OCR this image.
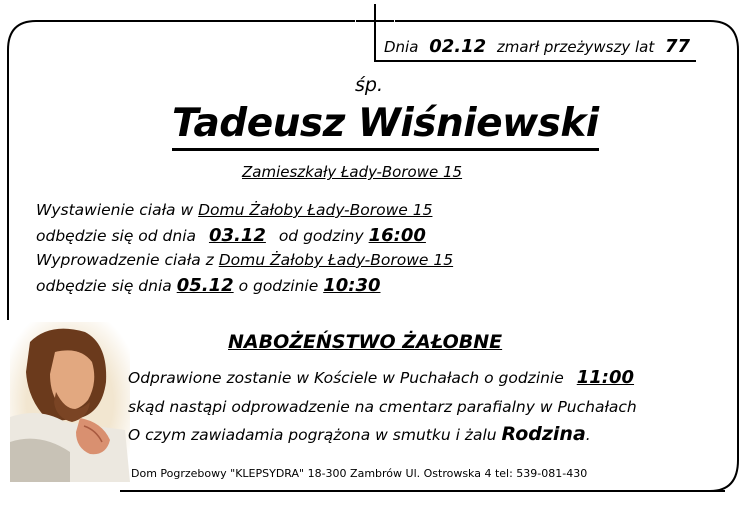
Dnia 02.12 zmarł przeżywszy lat 77
śp.
Tadeusz Wiśniewski
Zamieszkały Łady-Borowe 15
Wystawienie ciała w Domu Żałoby Łady-Borowe 15
odbędzie się od dnia 03.12 od godziny 16:00
Wyprowadzenie ciała z Domu Żałoby Łady-Borowe 15
odbędzie się dnia 05.12 o godzinie 10:30
NABOŻEŃSTWO ŻAŁOBNE
Odprawione zostanie w Kościele w Puchałach o godzinie 11:00
skąd nastąpi odprowadzenie na cmentarz parafialny w Puchałach
O czym zawiadamia pogrążona w smutku i żalu Rodzina.
Dom Pogrzebowy "KLEPSYDRA" 18-300 Zambrów Ul. Ostrowska 4 tel: 539-081-430
